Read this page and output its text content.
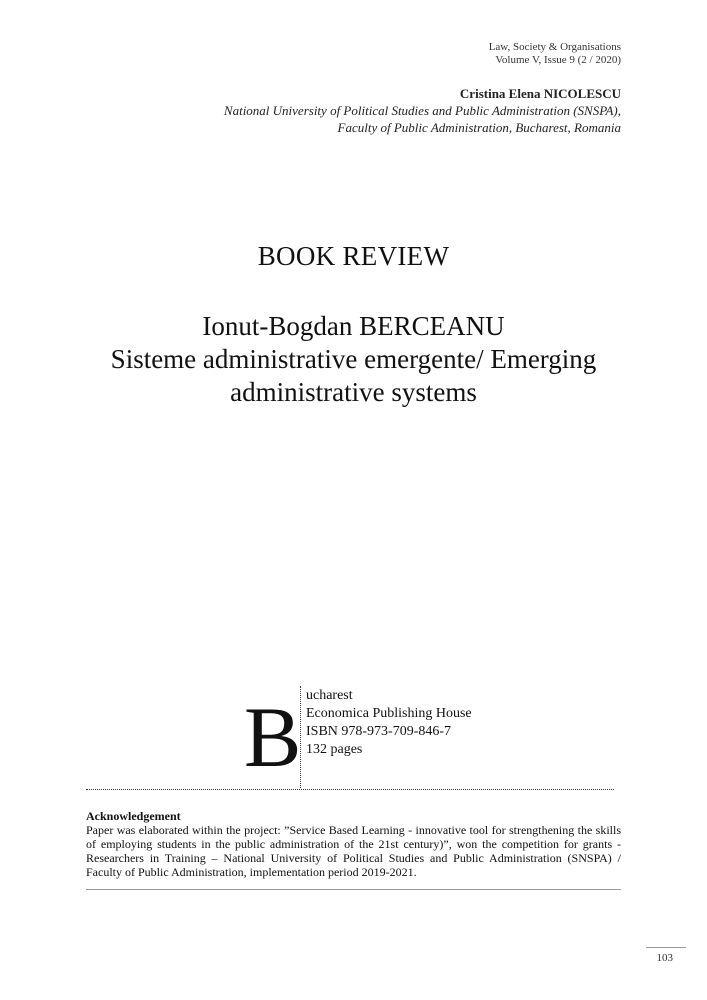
Law, Society & Organisations
Volume V, Issue 9 (2 / 2020)
Cristina Elena NICOLESCU
National University of Political Studies and Public Administration (SNSPA),
Faculty of Public Administration, Bucharest, Romania
BOOK REVIEW
Ionut-Bogdan BERCEANU
Sisteme administrative emergente/ Emerging
administrative systems
B ucharest
Economica Publishing House
ISBN 978-973-709-846-7
132 pages
Acknowledgement
Paper was elaborated within the project: ”Service Based Learning - innovative tool for strengthening the skills of employing students in the public administration of the 21st century)”, won the competition for grants - Researchers in Training – National University of Political Studies and Public Administration (SNSPA) / Faculty of Public Administration, implementation period 2019-2021.
103
